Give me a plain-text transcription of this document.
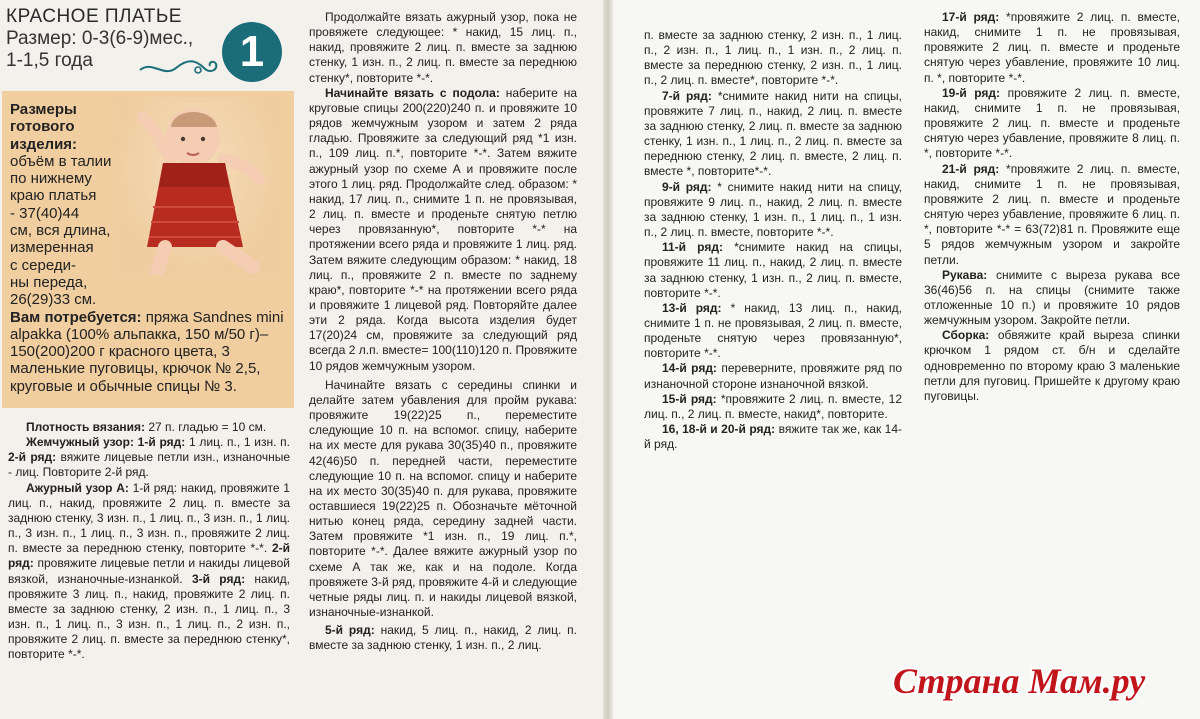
КРАСНОЕ ПЛАТЬЕ
Размер: 0-3(6-9)мес.,
1-1,5 года	1
Размеры готового изделия:
объём в талии
по нижнему
краю платья
- 37(40)44
см, вся длина,
измеренная
с середи-
ны переда,
26(29)33 см.
Вам потребуется: пряжа Sandnes mini alpakka (100% альпакка, 150 м/50 г)– 150(200)200 г красного цвета, 3 маленькие пуговицы, крючок № 2,5, круговые и обычные спицы № 3.

Плотность вязания: 27 п. гладью = 10 см.

Жемчужный узор: 1-й ряд: 1 лиц. п., 1 изн. п. 2-й ряд: вяжите лицевые петли изн., изнаночные - лиц. Повторите 2-й ряд.

Ажурный узор А: 1-й ряд: накид, провяжите 1 лиц. п., накид, провяжите 2 лиц. п. вместе за заднюю стенку, 3 изн. п., 1 лиц. п., 3 изн. п., 1 лиц. п., 3 изн. п., 1 лиц. п., 3 изн. п., провяжите 2 лиц. п. вместе за переднюю стенку, повторите *-*. 2-й ряд: провяжите лицевые петли и накиды лицевой вязкой, изнаночные-изнанкой. 3-й ряд: накид, провяжите 3 лиц. п., накид, провяжите 2 лиц. п. вместе за заднюю стенку, 2 изн. п., 1 лиц. п., 3 изн. п., 1 лиц. п., 3 изн. п., 1 лиц. п., 2 изн. п., провяжите 2 лиц. п. вместе за переднюю стенку*, повторите *-*.

Продолжайте вязать ажурный узор, пока не провяжете следующее: * накид, 15 лиц. п., накид, провяжите 2 лиц. п. вместе за заднюю стенку, 1 изн. п., 2 лиц. п. вместе за переднюю стенку*, повторите *-*.

Начинайте вязать с подола: наберите на круговые спицы 200(220)240 п. и провяжите 10 рядов жемчужным узором и затем 2 ряда гладью. Провяжите за следующий ряд *1 изн. п., 109 лиц. п.*, повторите *-*. Затем вяжите ажурный узор по схеме А и провяжите после этого 1 лиц. ряд. Продолжайте след. образом: * накид, 17 лиц. п., снимите 1 п. не провязывая, 2 лиц. п. вместе и проденьте снятую петлю через провязанную*, повторите *-* на протяжении всего ряда и провяжите 1 лиц. ряд. Затем вяжите следующим образом: * накид, 18 лиц. п., провяжите 2 п. вместе по заднему краю*, повторите *-* на протяжении всего ряда и провяжите 1 лицевой ряд. Повторяйте далее эти 2 ряда. Когда высота изделия будет 17(20)24 см, провяжите за следующий ряд всегда 2 л.п. вместе= 100(110)120 п. Провяжите 10 рядов жемчужным узором.

Начинайте вязать с середины спинки и делайте затем убавления для пройм рукава: провяжите 19(22)25 п., переместите следующие 10 п. на вспомог. спицу, наберите на их месте для рукава 30(35)40 п., провяжите 42(46)50 п. передней части, переместите следующие 10 п. на вспомог. спицу и наберите на их место 30(35)40 п. для рукава, провяжите оставшиеся 19(22)25 п. Обозначьте мёточной нитью конец ряда, середину задней части. Затем провяжите *1 изн. п., 19 лиц. п.*, повторите *-*. Далее вяжите ажурный узор по схеме А так же, как и на подоле. Когда провяжете 3-й ряд, провяжите 4-й и следующие четные ряды лиц. п. и накиды лицевой вязкой, изнаночные-изнанкой.

5-й ряд: накид, 5 лиц. п., накид, 2 лиц. п. вместе за заднюю стенку, 1 изн. п., 2 лиц.

п. вместе за заднюю стенку, 2 изн. п., 1 лиц. п., 2 изн. п., 1 лиц. п., 1 изн. п., 2 лиц. п. вместе за переднюю стенку, 2 изн. п., 1 лиц. п., 2 лиц. п. вместе*, повторите *-*.

7-й ряд: *снимите накид нити на спицы, провяжите 7 лиц. п., накид, 2 лиц. п. вместе за заднюю стенку, 2 лиц. п. вместе за заднюю стенку, 1 изн. п., 1 лиц. п., 2 лиц. п. вместе за переднюю стенку, 2 лиц. п. вместе, 2 лиц. п. вместе *, повторите*-*.

9-й ряд: * снимите накид нити на спицу, провяжите 9 лиц. п., накид, 2 лиц. п. вместе за заднюю стенку, 1 изн. п., 1 лиц. п., 1 изн. п., 2 лиц. п. вместе, повторите *-*.

11-й ряд: *снимите накид на спицы, провяжите 11 лиц. п., накид, 2 лиц. п. вместе за заднюю стенку, 1 изн. п., 2 лиц. п. вместе, повторите *-*.

13-й ряд: * накид, 13 лиц. п., накид, снимите 1 п. не провязывая, 2 лиц. п. вместе, проденьте снятую через провязанную*, повторите *-*.

14-й ряд: переверните, провяжите ряд по изнаночной стороне изнаночной вязкой.

15-й ряд: *провяжите 2 лиц. п. вместе, 12 лиц. п., 2 лиц. п. вместе, накид*, повторите.

16, 18-й и 20-й ряд: вяжите так же, как 14-й ряд.

17-й ряд: *провяжите 2 лиц. п. вместе, накид, снимите 1 п. не провязывая, провяжите 2 лиц. п. вместе и проденьте снятую через убавление, провяжите 10 лиц. п. *, повторите *-*.

19-й ряд: провяжите 2 лиц. п. вместе, накид, снимите 1 п. не провязывая, провяжите 2 лиц. п. вместе и проденьте снятую через убавление, провяжите 8 лиц. п. *, повторите *-*.

21-й ряд: *провяжите 2 лиц. п. вместе, накид, снимите 1 п. не провязывая, провяжите 2 лиц. п. вместе и проденьте снятую через убавление, провяжите 6 лиц. п. *, повторите *-* = 63(72)81 п. Провяжите еще 5 рядов жемчужным узором и закройте петли.

Рукава: снимите с выреза рукава все 36(46)56 п. на спицы (снимите также отложенные 10 п.) и провяжите 10 рядов жемчужным узором. Закройте петли.

Сборка: обвяжите край выреза спинки крючком 1 рядом ст. б/н и сделайте одновременно по второму краю 3 маленькие петли для пуговиц. Пришейте к другому краю пуговицы.

Страна Мам.ру
